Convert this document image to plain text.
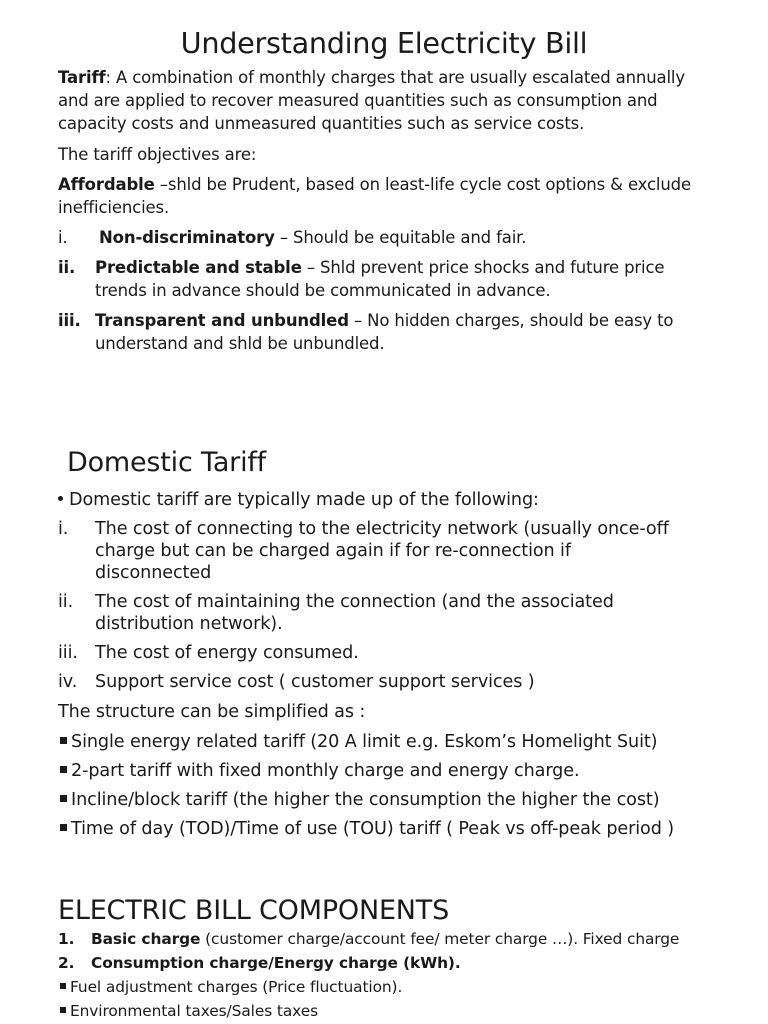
Understanding Electricity Bill
Tariff: A combination of monthly charges that are usually escalated annually
and are applied to recover measured quantities such as consumption and
capacity costs and unmeasured quantities such as service costs.
The tariff objectives are:
Affordable –shld be Prudent, based on least-life cycle cost options & exclude
inefficiencies.
i. Non-discriminatory – Should be equitable and fair.
ii. Predictable and stable – Shld prevent price shocks and future price
trends in advance should be communicated in advance.
iii. Transparent and unbundled – No hidden charges, should be easy to
understand and shld be unbundled.
Domestic Tariff
Domestic tariff are typically made up of the following:
i. The cost of connecting to the electricity network (usually once-off
charge but can be charged again if for re-connection if
disconnected
ii. The cost of maintaining the connection (and the associated
distribution network).
iii. The cost of energy consumed.
iv. Support service cost ( customer support services )
The structure can be simplified as :
Single energy related tariff (20 A limit e.g. Eskom’s Homelight Suit)
2-part tariff with fixed monthly charge and energy charge.
Incline/block tariff (the higher the consumption the higher the cost)
Time of day (TOD)/Time of use (TOU) tariff ( Peak vs off-peak period )
ELECTRIC BILL COMPONENTS
1. Basic charge (customer charge/account fee/ meter charge …). Fixed charge
2. Consumption charge/Energy charge (kWh).
Fuel adjustment charges (Price fluctuation).
Environmental taxes/Sales taxes
